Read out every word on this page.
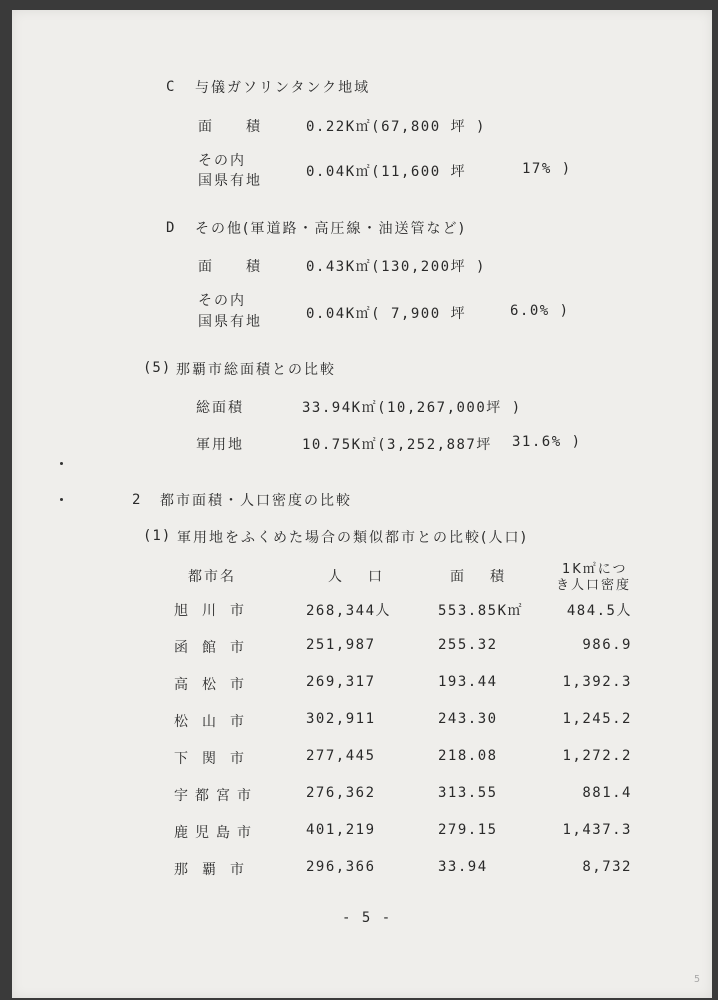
C 与儀ガソリンタンク地域
面　積	0.22K㎡(67,800 坪 )
その内
国県有地
0.04K㎡(11,600 坪	17% )
D その他(軍道路・高圧線・油送管など)
面　積	0.43K㎡(130,200坪 )
その内
国県有地	0.04K㎡( 7,900 坪	6.0% )
(5) 那覇市総面積との比較
総面積	33.94K㎡(10,267,000坪 )
軍用地	10.75K㎡(3,252,887坪 31.6% )
2 都市面積・人口密度の比較
(1) 軍用地をふくめた場合の類似都市との比較(人口)
都市名	人　口	面　積	1K㎡につ
き人口密度
旭川市	268,344人	553.85K㎡	484.5人
函館市	251,987	255.32	986.9
高松市	269,317	193.44	1,392.3
松山市	302,911	243.30	1,245.2
下関市	277,445	218.08	1,272.2
宇都宮市	276,362	313.55	881.4
鹿児島市	401,219	279.15	1,437.3
那覇市	296,366	33.94	8,732
- 5 -
5
